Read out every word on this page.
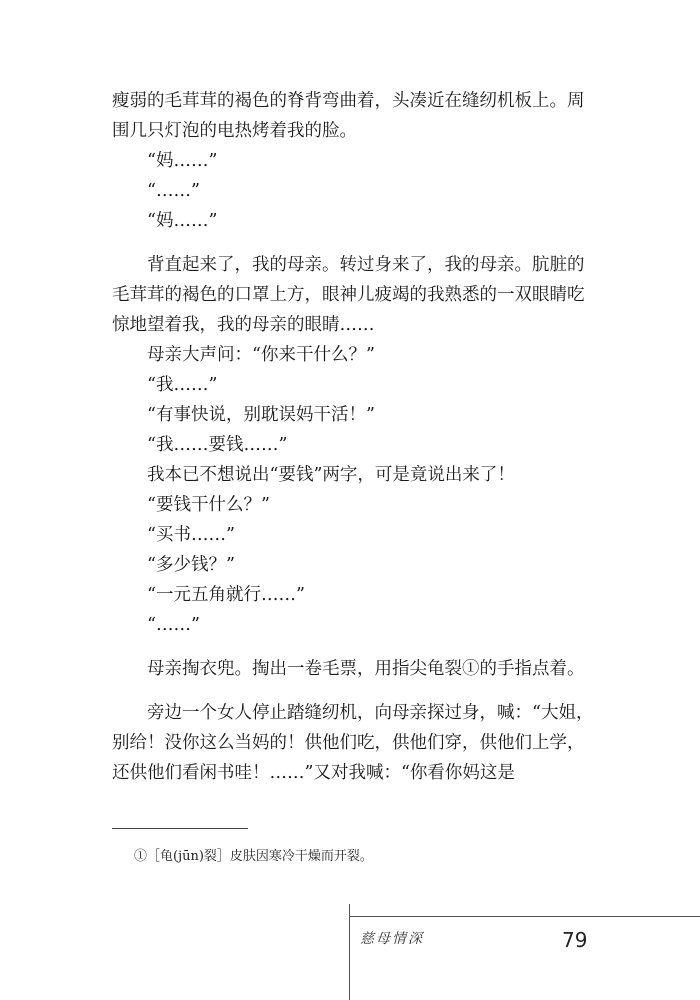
瘦弱的毛茸茸的褐色的脊背弯曲着，头凑近在缝纫机板上。周围几只灯泡的电热烤着我的脸。

“妈……”

“……”

“妈……”

背直起来了，我的母亲。转过身来了，我的母亲。肮脏的毛茸茸的褐色的口罩上方，眼神儿疲竭的我熟悉的一双眼睛吃惊地望着我，我的母亲的眼睛……

母亲大声问：“你来干什么？”

“我……”

“有事快说，别耽误妈干活！”

“我……要钱……”

我本已不想说出“要钱”两字，可是竟说出来了！

“要钱干什么？”

“买书……”

“多少钱？”

“一元五角就行……”

“……”

母亲掏衣兜。掏出一卷毛票，用指尖龟裂①的手指点着。

旁边一个女人停止踏缝纫机，向母亲探过身，喊：“大姐，别给！没你这么当妈的！供他们吃，供他们穿，供他们上学，还供他们看闲书哇！……”又对我喊：“你看你妈这是

①［龟(jūn)裂］皮肤因寒冷干燥而开裂。
慈母情深	79
